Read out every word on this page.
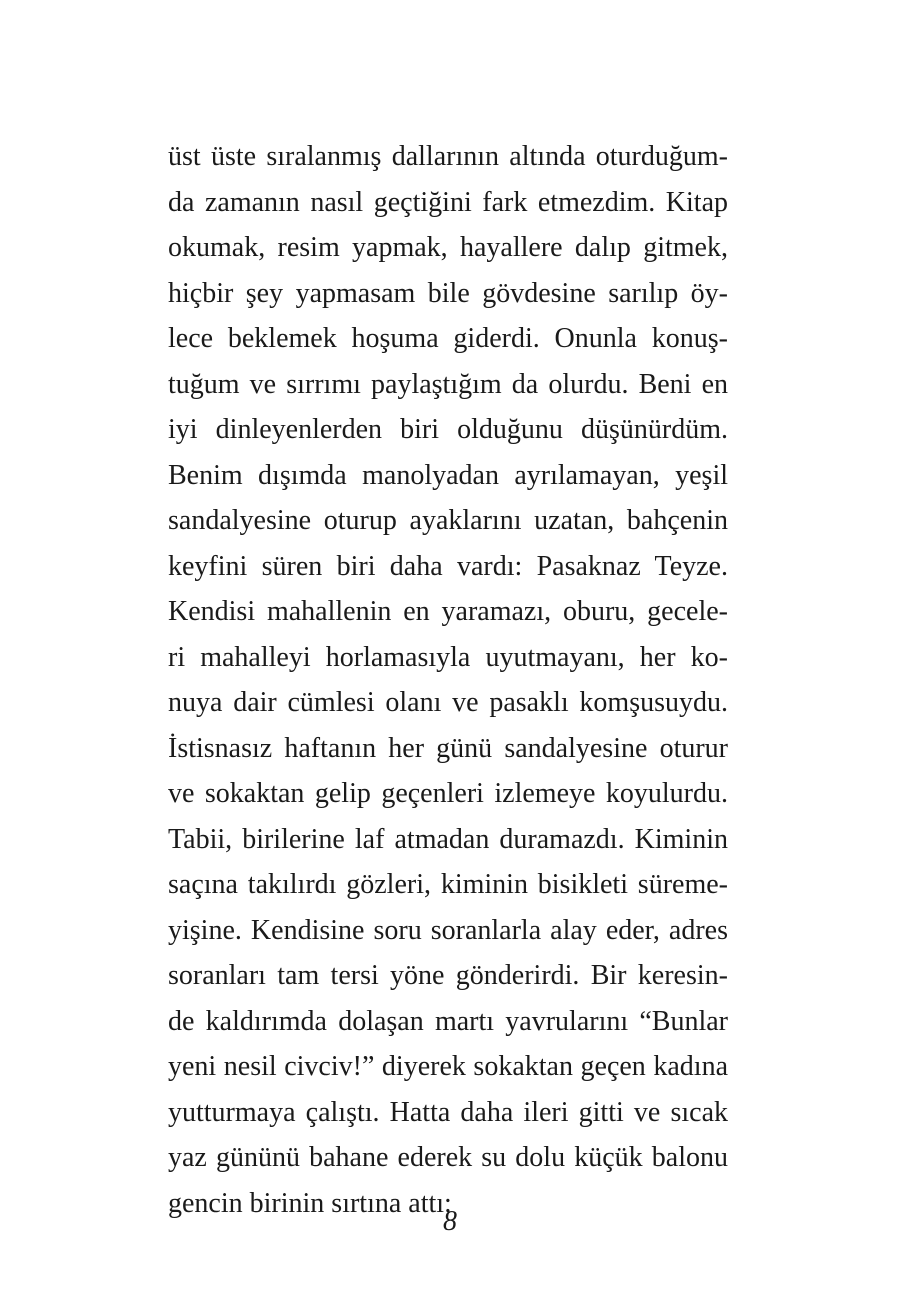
üst üste sıralanmış dallarının altında oturduğum-
da zamanın nasıl geçtiğini fark etmezdim. Kitap
okumak, resim yapmak, hayallere dalıp gitmek,
hiçbir şey yapmasam bile gövdesine sarılıp öy-
lece beklemek hoşuma giderdi. Onunla konuş-
tuğum ve sırrımı paylaştığım da olurdu. Beni en
iyi dinleyenlerden biri olduğunu düşünürdüm.
Benim dışımda manolyadan ayrılamayan, yeşil
sandalyesine oturup ayaklarını uzatan, bahçenin
keyfini süren biri daha vardı: Pasaknaz Teyze.
Kendisi mahallenin en yaramazı, oburu, gecele-
ri mahalleyi horlamasıyla uyutmayanı, her ko-
nuya dair cümlesi olanı ve pasaklı komşusuydu.
İstisnasız haftanın her günü sandalyesine oturur
ve sokaktan gelip geçenleri izlemeye koyulurdu.
Tabii, birilerine laf atmadan duramazdı. Kiminin
saçına takılırdı gözleri, kiminin bisikleti süreme-
yişine. Kendisine soru soranlarla alay eder, adres
soranları tam tersi yöne gönderirdi. Bir keresin-
de kaldırımda dolaşan martı yavrularını “Bunlar
yeni nesil civciv!” diyerek sokaktan geçen kadına
yutturmaya çalıştı. Hatta daha ileri gitti ve sıcak
yaz gününü bahane ederek su dolu küçük balonu
gencin birinin sırtına attı:
8
